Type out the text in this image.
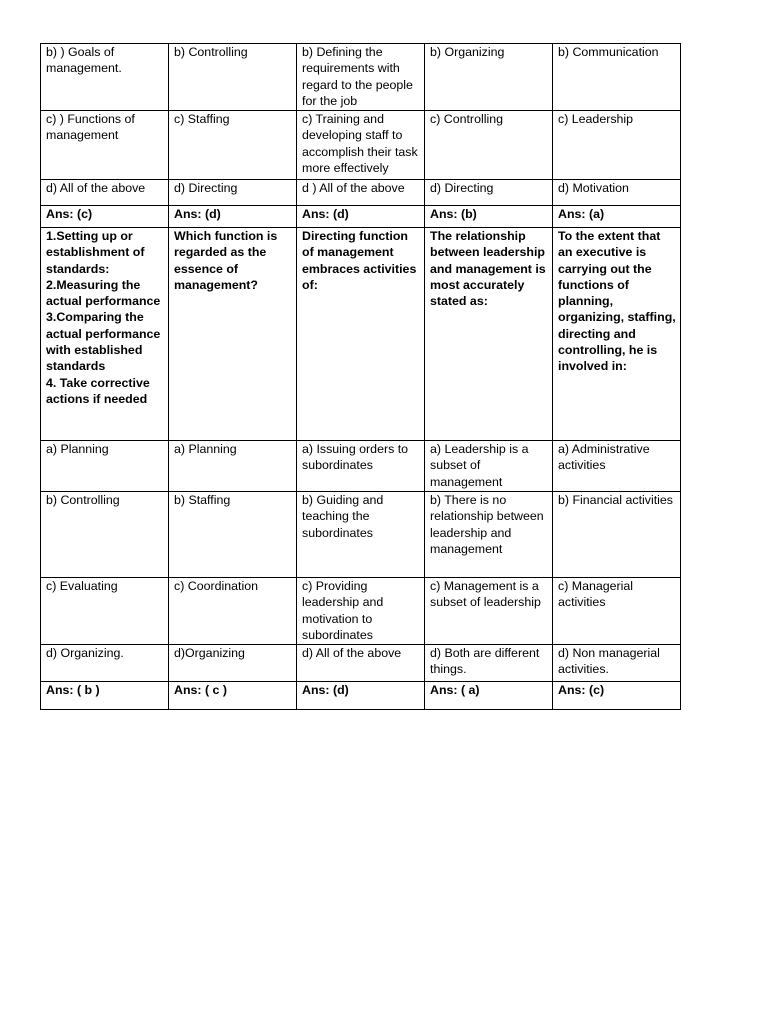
b) ) Goals of management.	b) Controlling	b) Defining the requirements with regard to the people for the job	b) Organizing	b) Communication

c) ) Functions of management	c) Staffing	c) Training and developing staff to accomplish their task more effectively	c) Controlling	c) Leadership

d) All of the above	d) Directing	d ) All of the above	d) Directing	d) Motivation

Ans: (c)	Ans: (d)	Ans: (d)	Ans: (b)	Ans: (a)

1.Setting up or establishment of standards:
2.Measuring the actual performance
3.Comparing the actual performance with established standards
4. Take corrective actions if needed	Which function is regarded as the essence of management?	Directing function of management embraces activities of:	The relationship between leadership and management is most accurately stated as:	To the extent that an executive is carrying out the functions of planning, organizing, staffing, directing and controlling, he is involved in:

a) Planning	a) Planning	a) Issuing orders to subordinates	a) Leadership is a subset of management	a) Administrative activities

b) Controlling	b) Staffing	b) Guiding and teaching the subordinates	b) There is no relationship between leadership and management	b) Financial activities

c) Evaluating	c) Coordination	c) Providing leadership and motivation to subordinates	c) Management is a subset of leadership	c) Managerial activities

d) Organizing.	d)Organizing	d) All of the above	d) Both are different things.	d) Non managerial activities.

Ans: ( b )	Ans: ( c )	Ans: (d)	Ans: ( a)	Ans: (c)
